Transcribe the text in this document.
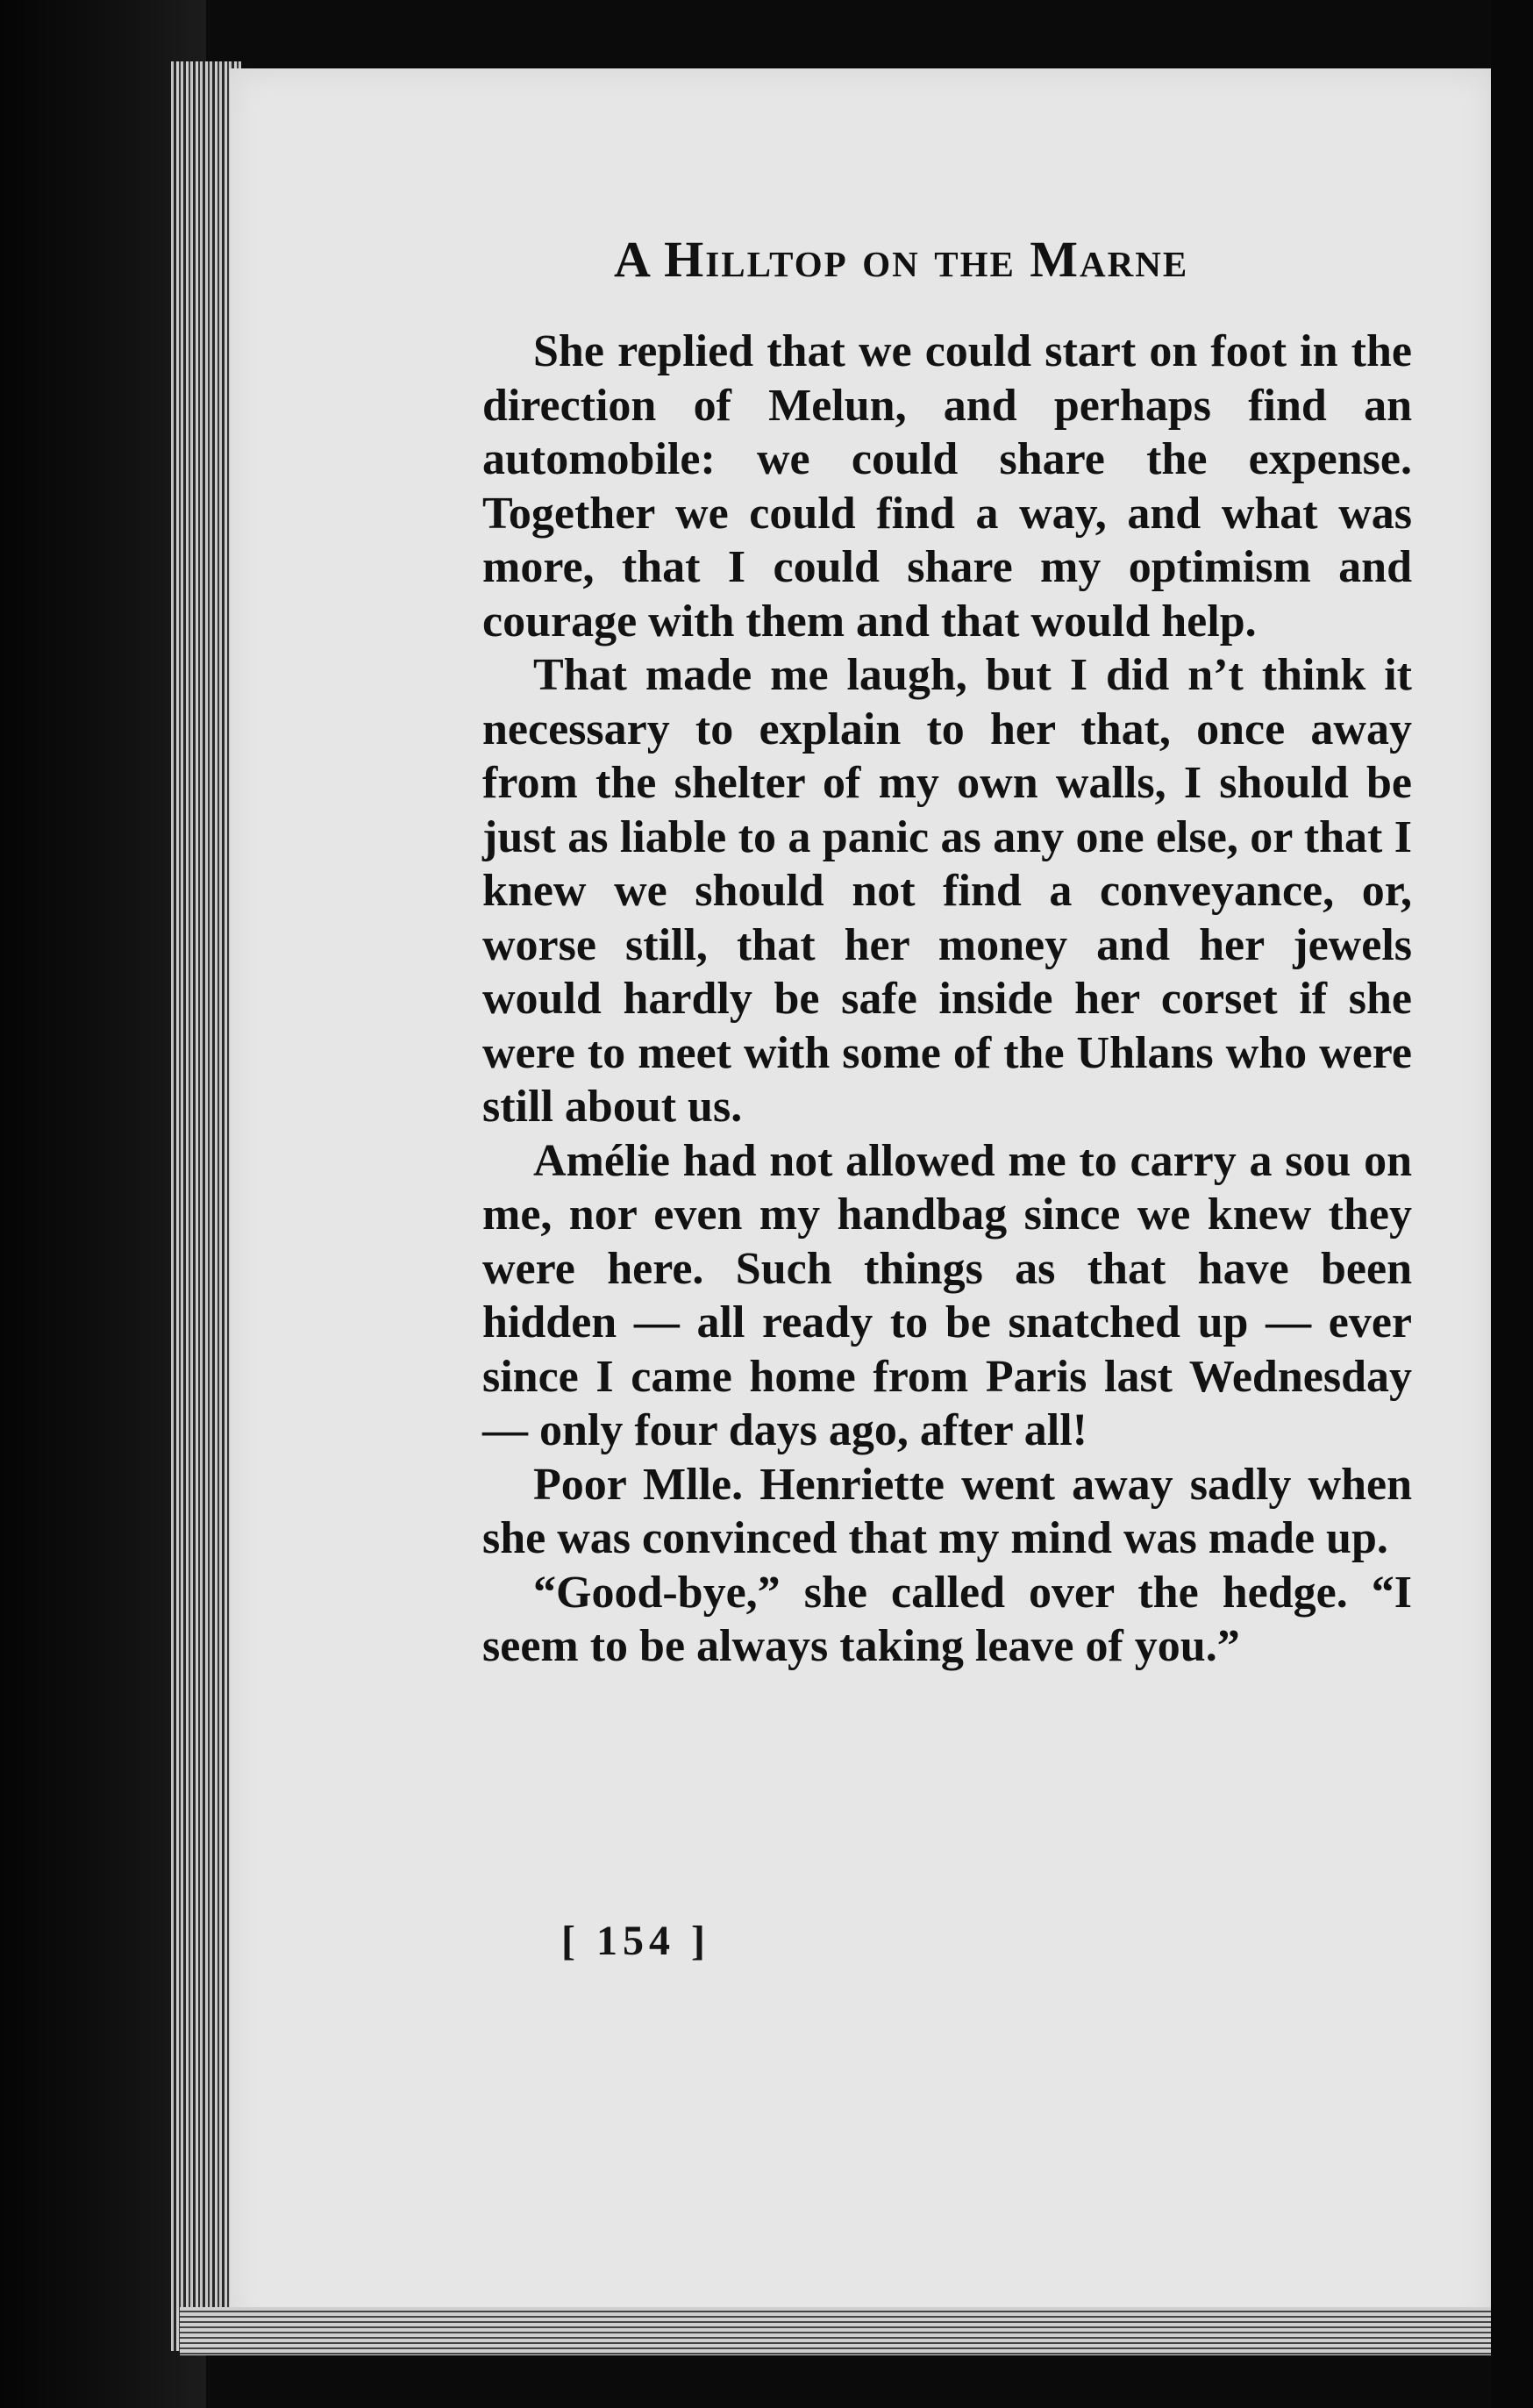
A Hilltop on the Marne

She replied that we could start on foot in the direction of Melun, and perhaps find an automobile: we could share the expense. Together we could find a way, and what was more, that I could share my optimism and courage with them and that would help.

That made me laugh, but I did n’t think it necessary to explain to her that, once away from the shelter of my own walls, I should be just as liable to a panic as any one else, or that I knew we should not find a conveyance, or, worse still, that her money and her jewels would hardly be safe inside her corset if she were to meet with some of the Uhlans who were still about us.

Amélie had not allowed me to carry a sou on me, nor even my handbag since we knew they were here. Such things as that have been hidden — all ready to be snatched up — ever since I came home from Paris last Wednesday — only four days ago, after all!

Poor Mlle. Henriette went away sadly when she was convinced that my mind was made up.

“Good-bye,” she called over the hedge. “I seem to be always taking leave of you.”

[ 154 ]
